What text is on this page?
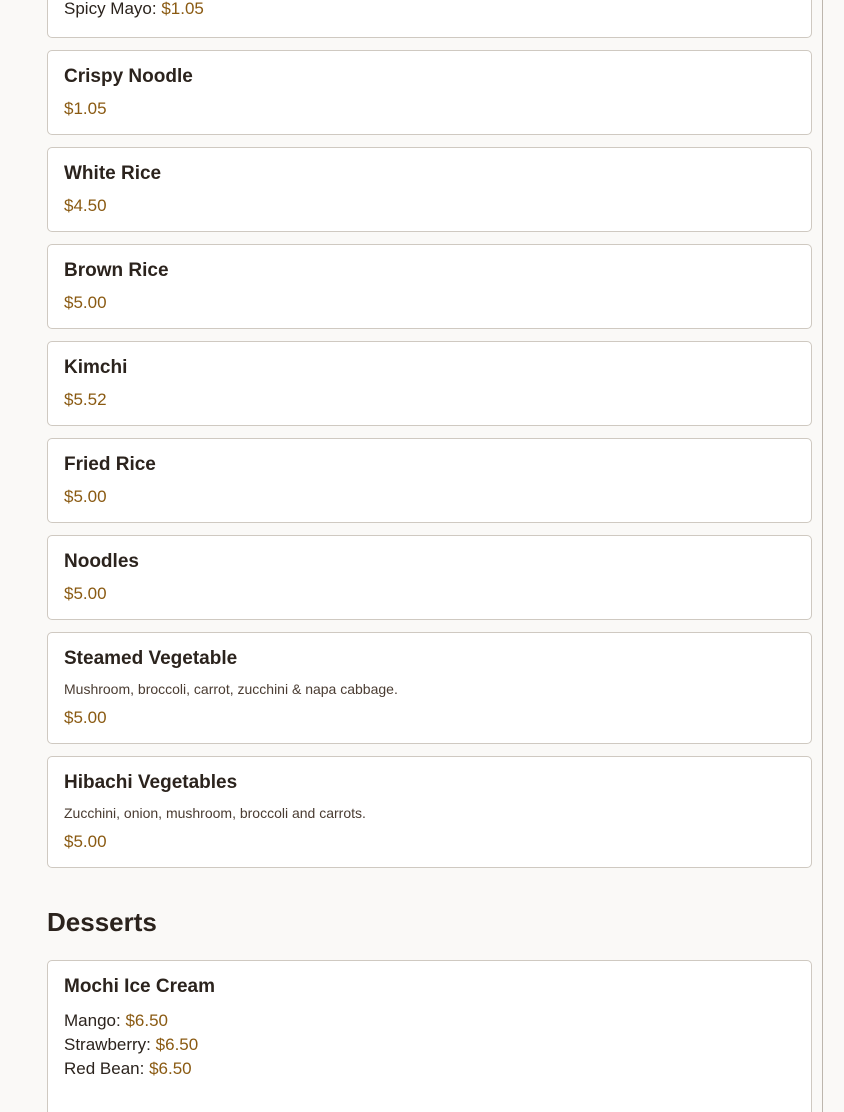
Spicy Mayo: $1.05
Crispy Noodle
$1.05
White Rice
$4.50
Brown Rice
$5.00
Kimchi
$5.52
Fried Rice
$5.00
Noodles
$5.00
Steamed Vegetable
Mushroom, broccoli, carrot, zucchini & napa cabbage.
$5.00
Hibachi Vegetables
Zucchini, onion, mushroom, broccoli and carrots.
$5.00
Desserts
Mochi Ice Cream
Mango: $6.50
Strawberry: $6.50
Red Bean: $6.50
